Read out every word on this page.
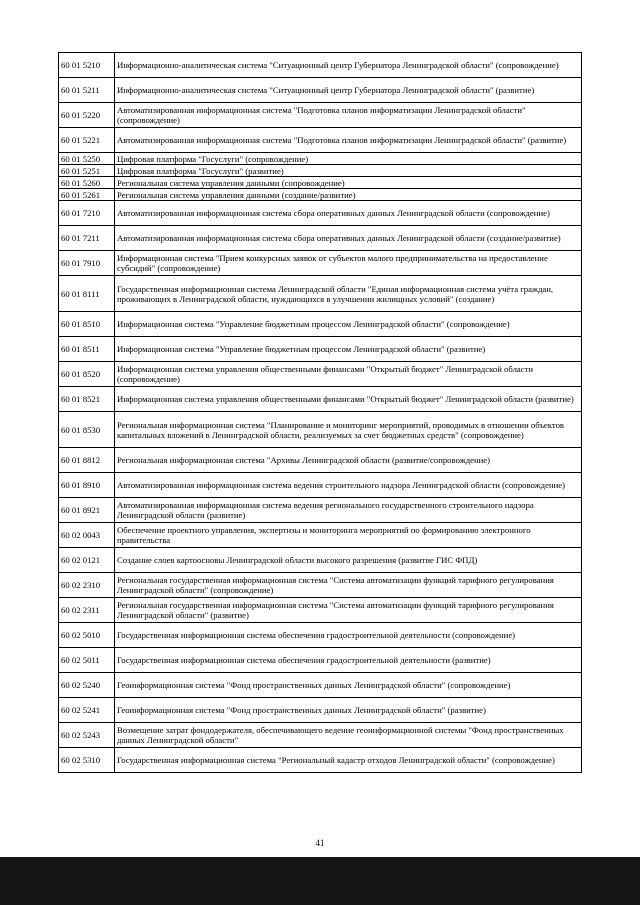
60 01 5210	Информационно-аналитическая система "Ситуационный центр Губернатора Ленинградской области" (сопровождение)
60 01 5211	Информационно-аналитическая система "Ситуационный центр Губернатора Ленинградской области" (развитие)
60 01 5220	Автоматизированная информационная система "Подготовка планов информатизации Ленинградской области" (сопровождение)
60 01 5221	Автоматизированная информационная система "Подготовка планов информатизации Ленинградской области" (развитие)
60 01 5250	Цифровая платформа "Госуслуги" (сопровождение)
60 01 5251	Цифровая платформа "Госуслуги" (развитие)
60 01 5260	Региональная система управления данными (сопровождение)
60 01 5261	Региональная система управления данными (создание/развитие)
60 01 7210	Автоматизированная информационная система сбора оперативных данных Ленинградской области (сопровождение)
60 01 7211	Автоматизированная информационная система сбора оперативных данных Ленинградской области (создание/развитие)
60 01 7910	Информационная система "Прием конкурсных заявок от субъектов малого предпринимательства на предоставление субсидий" (сопровождение)
60 01 8111	Государственная информационная система Ленинградской области "Единая информационная система учёта граждан, проживающих в Ленинградской области, нуждающихся в улучшении жилищных условий" (создание)
60 01 8510	Информационная система "Управление бюджетным процессом Ленинградской области" (сопровождение)
60 01 8511	Информационная система "Управление бюджетным процессом Ленинградской области" (развитие)
60 01 8520	Информационная система управления общественными финансами "Открытый бюджет" Ленинградской области (сопровождение)
60 01 8521	Информационная система управления общественными финансами "Открытый бюджет" Ленинградской области (развитие)
60 01 8530	Региональная информационная система "Планирование и мониторинг мероприятий, проводимых в отношении объектов капитальных вложений в Ленинградской области, реализуемых за счет бюджетных средств" (сопровождение)
60 01 8812	Региональная информационная система "Архивы Ленинградской области (развитие/сопровождение)
60 01 8910	Автоматизированная информационная система ведения строительного надзора Ленинградской области (сопровождение)
60 01 8921	Автоматизированная информационная система ведения регионального государственного строительного надзора Ленинградской области (развитие)
60 02 0043	Обеспечение проектного управления, экспертизы и мониторинга мероприятий по формированию электронного правительства
60 02 0121	Создание слоев картоосновы Ленинградской области высокого разрешения (развитие ГИС ФПД)
60 02 2310	Региональная государственная информационная система "Система автоматизации функций тарифного регулирования Ленинградской области" (сопровождение)
60 02 2311	Региональная государственная информационная система "Система автоматизации функций тарифного регулирования Ленинградской области" (развитие)
60 02 5010	Государственная информационная система обеспечения градостроительной деятельности (сопровождение)
60 02 5011	Государственная информационная система обеспечения градостроительной деятельности (развитие)
60 02 5240	Геоинформационная система "Фонд пространственных данных Ленинградской области" (сопровождение)
60 02 5241	Геоинформационная система "Фонд пространственных данных Ленинградской области" (развитие)
60 02 5243	Возмещение затрат фондодержателя, обеспечивающего ведение геоинформационной системы "Фонд пространственных данных Ленинградской области"
60 02 5310	Государственная информационная система "Региональный кадастр отходов Ленинградской области" (сопровождение)
41
